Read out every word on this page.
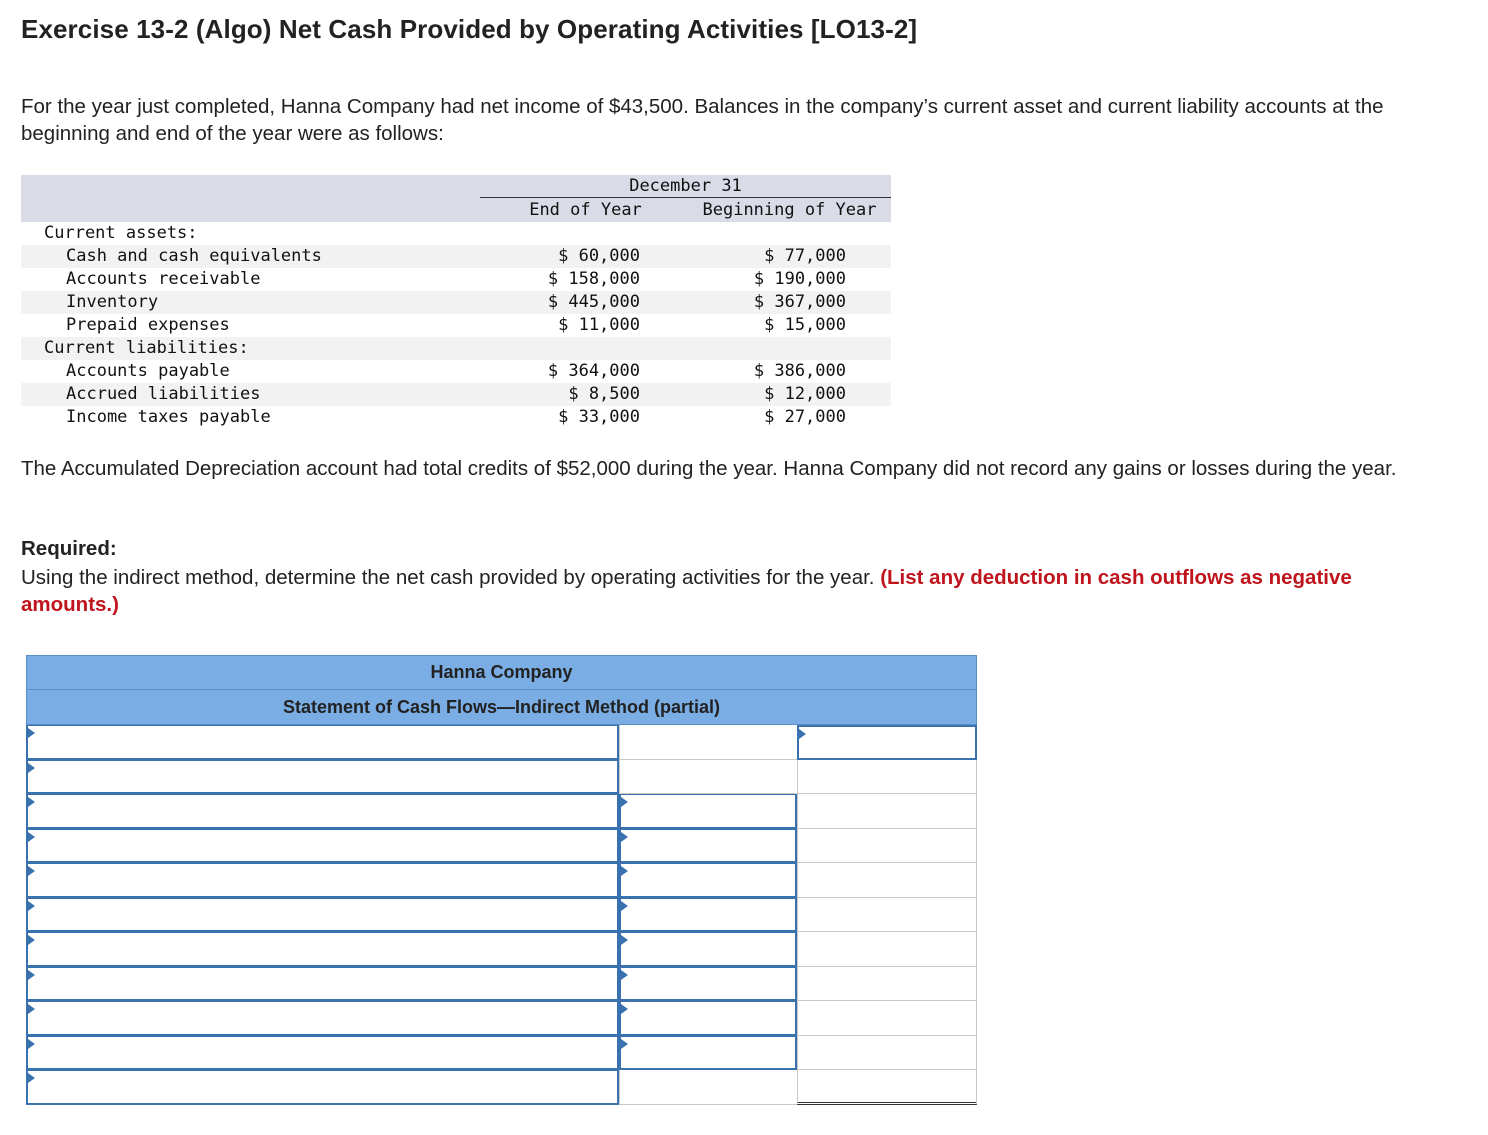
Exercise 13-2 (Algo) Net Cash Provided by Operating Activities [LO13-2]

For the year just completed, Hanna Company had net income of $43,500. Balances in the company’s current asset and current liability accounts at the beginning and end of the year were as follows:

December 31
End of Year	Beginning of Year
Current assets:
Cash and cash equivalents	$ 60,000	$ 77,000
Accounts receivable	$ 158,000	$ 190,000
Inventory	$ 445,000	$ 367,000
Prepaid expenses	$ 11,000	$ 15,000
Current liabilities:
Accounts payable	$ 364,000	$ 386,000
Accrued liabilities	$ 8,500	$ 12,000
Income taxes payable	$ 33,000	$ 27,000

The Accumulated Depreciation account had total credits of $52,000 during the year. Hanna Company did not record any gains or losses during the year.

Required:

Using the indirect method, determine the net cash provided by operating activities for the year. (List any deduction in cash outflows as negative amounts.)

Hanna Company
Statement of Cash Flows—Indirect Method (partial)
